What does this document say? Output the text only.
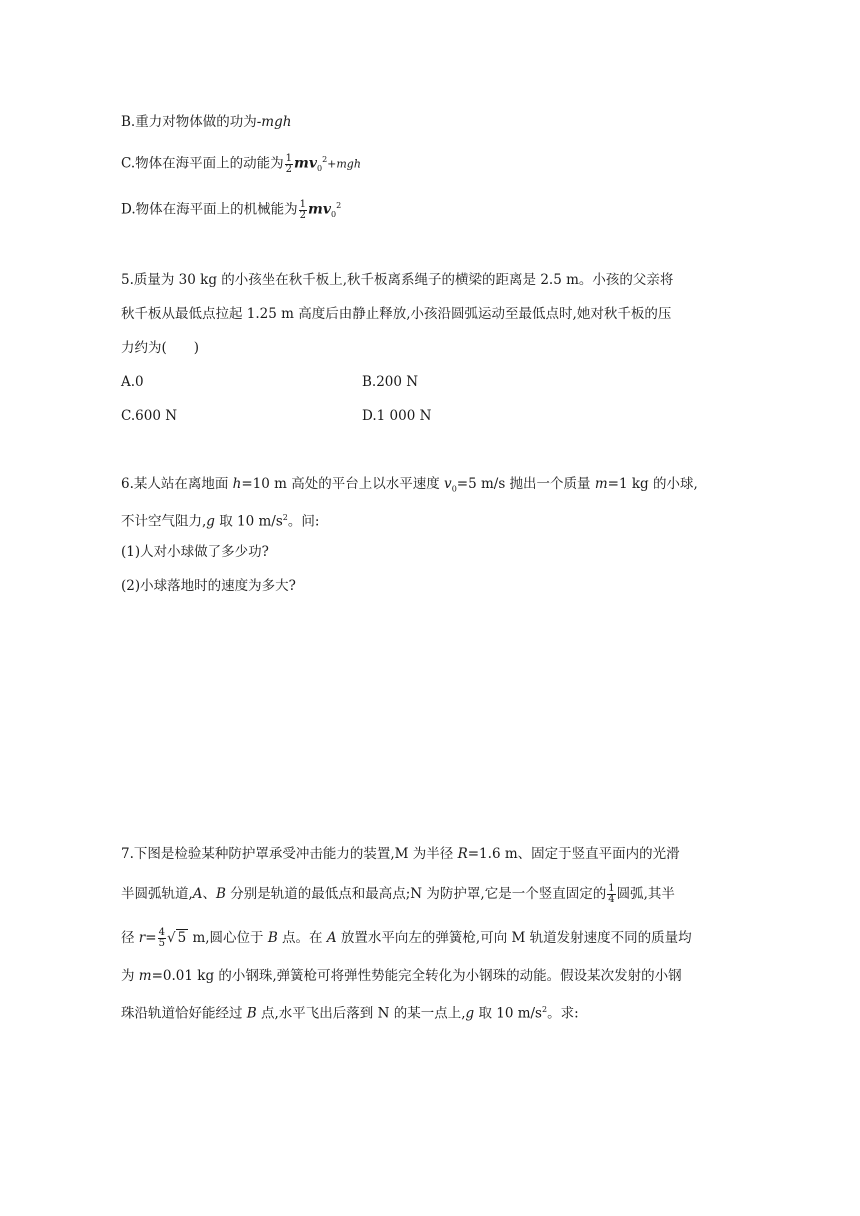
B.重力对物体做的功为-mgh
C.物体在海平面上的动能为 $\frac{1}{2} mv_0^2+mgh$
D.物体在海平面上的机械能为 $\frac{1}{2} mv_0^2$
5.质量为 30 kg 的小孩坐在秋千板上,秋千板离系绳子的横梁的距离是 2.5 m。小孩的父亲将
秋千板从最低点拉起 1.25 m 高度后由静止释放,小孩沿圆弧运动至最低点时,她对秋千板的压
力约为(　　)
A.0	B.200 N
C.600 N	D.1 000 N
6.某人站在离地面 h=10 m 高处的平台上以水平速度 $v_0=5$ m/s 抛出一个质量 m=1 kg 的小球,
不计空气阻力,g 取 10 $m/s^2$。问:
(1)人对小球做了多少功?
(2)小球落地时的速度为多大?
7.下图是检验某种防护罩承受冲击能力的装置,M 为半径 R=1.6 m、固定于竖直平面内的光滑
半圆弧轨道,A、B 分别是轨道的最低点和最高点;N 为防护罩,它是一个竖直固定的 $\frac{1}{4}$ 圆弧,其半
径 $r= \frac{4}{5}$ √ 5 m,圆心位于 B 点。在 A 放置水平向左的弹簧枪,可向 M 轨道发射速度不同的质量均
为 m=0.01 kg 的小钢珠,弹簧枪可将弹性势能完全转化为小钢珠的动能。假设某次发射的小钢
珠沿轨道恰好能经过 B 点,水平飞出后落到 N 的某一点上,g 取 10 $m/s^2$。求:
